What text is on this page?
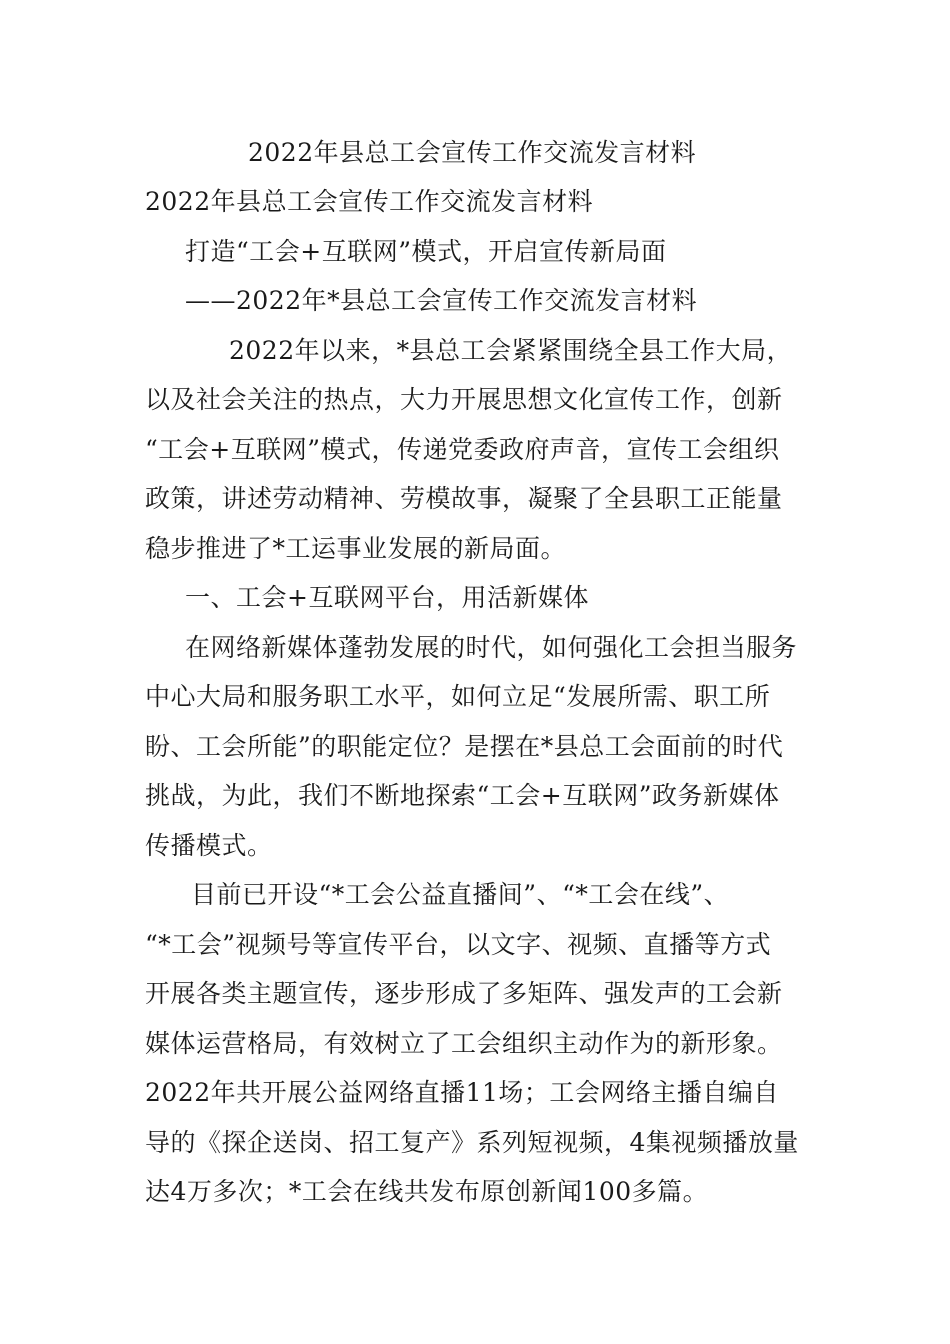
2022年县总工会宣传工作交流发言材料
2022年县总工会宣传工作交流发言材料
打造“工会+互联网”模式，开启宣传新局面
——2022年*县总工会宣传工作交流发言材料
2022年以来，*县总工会紧紧围绕全县工作大局，
以及社会关注的热点，大力开展思想文化宣传工作，创新
“工会+互联网”模式，传递党委政府声音，宣传工会组织
政策，讲述劳动精神、劳模故事，凝聚了全县职工正能量
稳步推进了*工运事业发展的新局面。
一、工会+互联网平台，用活新媒体
在网络新媒体蓬勃发展的时代，如何强化工会担当服务
中心大局和服务职工水平，如何立足“发展所需、职工所
盼、工会所能”的职能定位？是摆在*县总工会面前的时代
挑战，为此，我们不断地探索“工会+互联网”政务新媒体
传播模式。
目前已开设“*工会公益直播间”、“*工会在线”、
“*工会”视频号等宣传平台，以文字、视频、直播等方式
开展各类主题宣传，逐步形成了多矩阵、强发声的工会新
媒体运营格局，有效树立了工会组织主动作为的新形象。
2022年共开展公益网络直播11场；工会网络主播自编自
导的《探企送岗、招工复产》系列短视频，4集视频播放量
达4万多次；*工会在线共发布原创新闻100多篇。
